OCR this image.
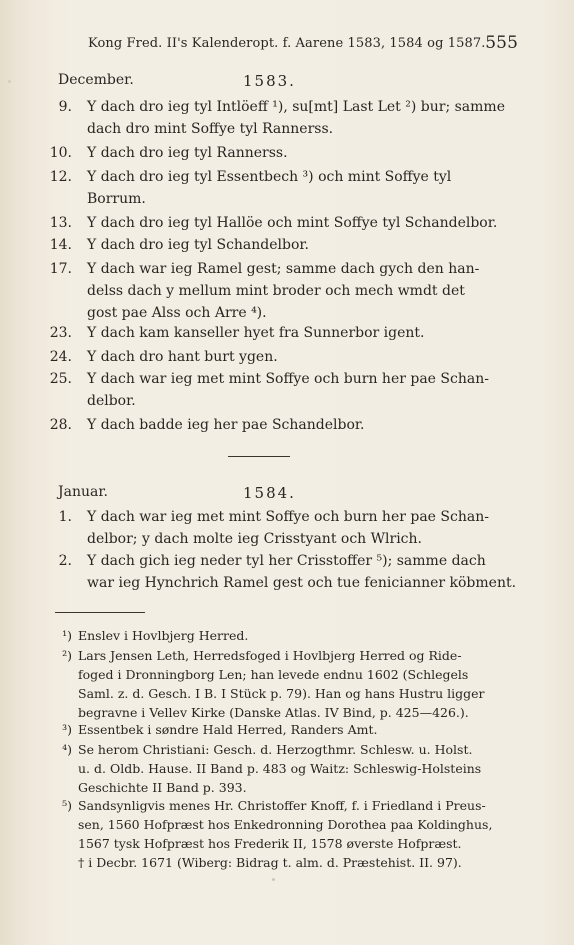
Kong Fred. II's Kalenderopt. f. Aarene 1583, 1584 og 1587. 555
December.	1583.
9. Y dach dro ieg tyl Intlöeff ¹), su[mt] Last Let ²) bur; samme
dach dro mint Soffye tyl Rannerss.
10. Y dach dro ieg tyl Rannerss.
12. Y dach dro ieg tyl Essentbech ³) och mint Soffye tyl
Borrum.
13. Y dach dro ieg tyl Hallöe och mint Soffye tyl Schandelbor.
14. Y dach dro ieg tyl Schandelbor.
17. Y dach war ieg Ramel gest; samme dach gych den han-
delss dach y mellum mint broder och mech wmdt det
gost pae Alss och Arre ⁴).
23. Y dach kam kanseller hyet fra Sunnerbor igent.
24. Y dach dro hant burt ygen.
25. Y dach war ieg met mint Soffye och burn her pae Schan-
delbor.
28. Y dach badde ieg her pae Schandelbor.
Januar.	1584.
1. Y dach war ieg met mint Soffye och burn her pae Schan-
delbor; y dach molte ieg Crisstyant och Wlrich.
2. Y dach gich ieg neder tyl her Crisstoffer ⁵); samme dach
war ieg Hynchrich Ramel gest och tue fenicianner köbment.
¹) Enslev i Hovlbjerg Herred.
²) Lars Jensen Leth, Herredsfoged i Hovlbjerg Herred og Ride-
foged i Dronningborg Len; han levede endnu 1602 (Schlegels
Saml. z. d. Gesch. I B. I Stück p. 79). Han og hans Hustru ligger
begravne i Vellev Kirke (Danske Atlas. IV Bind, p. 425—426.).
³) Essentbek i søndre Hald Herred, Randers Amt.
⁴) Se herom Christiani: Gesch. d. Herzogthmr. Schlesw. u. Holst.
u. d. Oldb. Hause. II Band p. 483 og Waitz: Schleswig-Holsteins
Geschichte II Band p. 393.
⁵) Sandsynligvis menes Hr. Christoffer Knoff, f. i Friedland i Preus-
sen, 1560 Hofpræst hos Enkedronning Dorothea paa Koldinghus,
1567 tysk Hofpræst hos Frederik II, 1578 øverste Hofpræst.
† i Decbr. 1671 (Wiberg: Bidrag t. alm. d. Præstehist. II. 97).
